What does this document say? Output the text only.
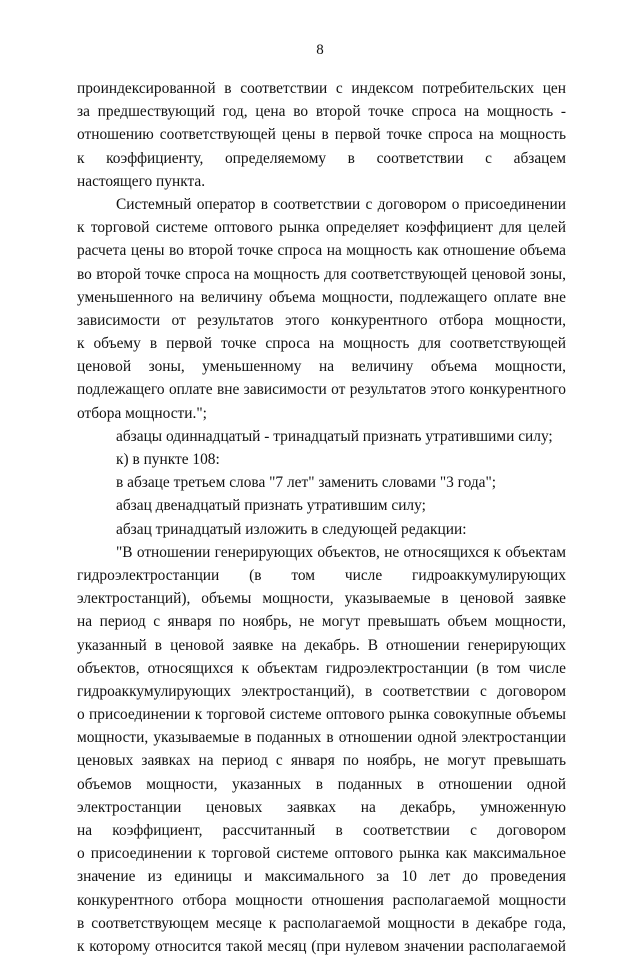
8
проиндексированной в соответствии с индексом потребительских цен
за предшествующий год, цена во второй точке спроса на мощность -
отношению соответствующей цены в первой точке спроса на мощность
к коэффициенту, определяемому в соответствии с абзацем
настоящего пункта.
Системный оператор в соответствии с договором о присоединении
к торговой системе оптового рынка определяет коэффициент для целей
расчета цены во второй точке спроса на мощность как отношение объема
во второй точке спроса на мощность для соответствующей ценовой зоны,
уменьшенного на величину объема мощности, подлежащего оплате вне
зависимости от результатов этого конкурентного отбора мощности,
к объему в первой точке спроса на мощность для соответствующей
ценовой зоны, уменьшенному на величину объема мощности,
подлежащего оплате вне зависимости от результатов этого конкурентного
отбора мощности.";
абзацы одиннадцатый - тринадцатый признать утратившими силу;
к) в пункте 108:
в абзаце третьем слова "7 лет" заменить словами "3 года";
абзац двенадцатый признать утратившим силу;
абзац тринадцатый изложить в следующей редакции:
"В отношении генерирующих объектов, не относящихся к объектам
гидроэлектростанции (в том числе гидроаккумулирующих
электростанций), объемы мощности, указываемые в ценовой заявке
на период с января по ноябрь, не могут превышать объем мощности,
указанный в ценовой заявке на декабрь. В отношении генерирующих
объектов, относящихся к объектам гидроэлектростанции (в том числе
гидроаккумулирующих электростанций), в соответствии с договором
о присоединении к торговой системе оптового рынка совокупные объемы
мощности, указываемые в поданных в отношении одной электростанции
ценовых заявках на период с января по ноябрь, не могут превышать
объемов мощности, указанных в поданных в отношении одной
электростанции ценовых заявках на декабрь, умноженную
на коэффициент, рассчитанный в соответствии с договором
о присоединении к торговой системе оптового рынка как максимальное
значение из единицы и максимального за 10 лет до проведения
конкурентного отбора мощности отношения располагаемой мощности
в соответствующем месяце к располагаемой мощности в декабре года,
к которому относится такой месяц (при нулевом значении располагаемой
